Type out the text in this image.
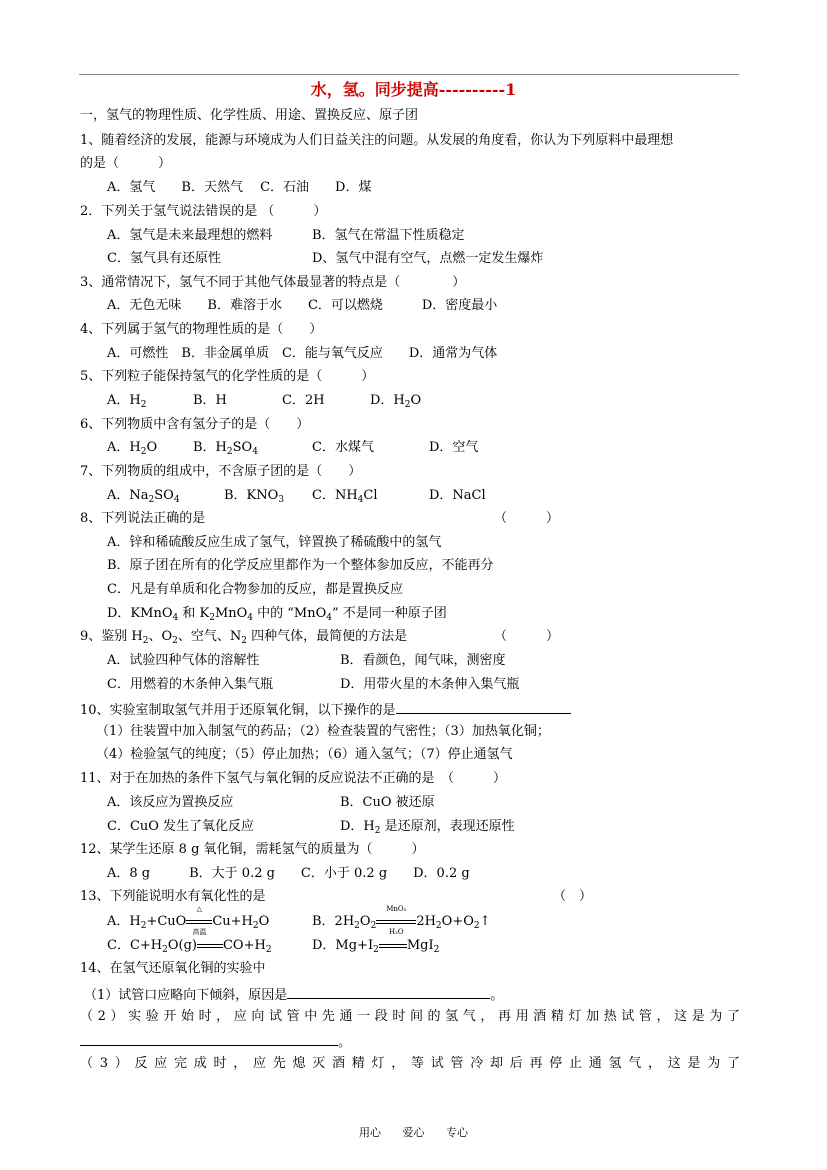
水，氢。同步提高----------1
一，氢气的物理性质、化学性质、用途、置换反应、原子团
1、随着经济的发展，能源与环境成为人们日益关注的问题。从发展的角度看，你认为下列原料中最理想
的是（　　　）
A．氢气　　B．天然气　 C．石油　　D．煤
2．下列关于氢气说法错误的是 （　　　）
A．氢气是未来最理想的燃料	B．氢气在常温下性质稳定
C．氢气具有还原性	D、氢气中混有空气，点燃一定发生爆炸
3、通常情况下，氢气不同于其他气体最显著的特点是（　　　　）
A．无色无味　　B．难溶于水　　C．可以燃烧　　　D．密度最小
4、下列属于氢气的物理性质的是（　　）
A．可燃性　B．非金属单质　C．能与氧气反应　　D．通常为气体
5、下列粒子能保持氢气的化学性质的是（　　　）
A．$H_2$	B．H	C．2H	D．$H_2O$
6、下列物质中含有氢分子的是（　　）
A．$H_2O$	B．$H_2SO_4$	C．水煤气	D．空气
7、下列物质的组成中，不含原子团的是（　　）
A．$Na_2SO_4$	B．$KNO_3$ C．$NH_4Cl$	D．NaCl
8、下列说法正确的是	（　　　）
A．锌和稀硫酸反应生成了氢气，锌置换了稀硫酸中的氢气
B．原子团在所有的化学反应里都作为一个整体参加反应，不能再分
C．凡是有单质和化合物参加的反应，都是置换反应
D．KMnO$_4$ 和 $K_2MnO_4$ 中的 “MnO$_4$” 不是同一种原子团
9、鉴别 $H_2$、$O_2$、空气、$N_2$ 四种气体，最简便的方法是	（　　　）
A．试验四种气体的溶解性	B．看颜色，闻气味，测密度
C．用燃着的木条伸入集气瓶	D．用带火星的木条伸入集气瓶
10、实验室制取氢气并用于还原氧化铜，以下操作的是
（1）往装置中加入制氢气的药品；（2）检查装置的气密性；（3）加热氧化铜；
（4）检验氢气的纯度；（5）停止加热；（6）通入氢气；（7）停止通氢气
11、对于在加热的条件下氢气与氧化铜的反应说法不正确的是　（　　　）
A．该反应为置换反应	B．CuO 被还原
C．CuO 发生了氧化反应	D．$H_2$ 是还原剂，表现还原性
12、某学生还原 8 g 氧化铜，需耗氢气的质量为（　　　）
A．8 g　　　B．大于 0.2 g　　C．小于 0.2 g　　D．0.2 g
13、下列能说明水有氧化性的是	（　）
A．$H_2+CuO$
△
高温
$Cu+H_2O$	B．$2H_2O_2$
MnO₂
H₂O
$2H_2O+O_2↑$
C．$C+H_2O(g)$ $CO+H_2$	D．$Mg+I_2$ MgI$_2$
14、在氢气还原氧化铜的实验中
（1）试管口应略向下倾斜，原因是	。
（2）实验开始时，应向试管中先通一段时间的氢气，再用酒精灯加热试管，这是为了
。
（3）反应完成时，应先熄灭酒精灯，等试管冷却后再停止通氢气，这是为了
用心 爱心 专心
